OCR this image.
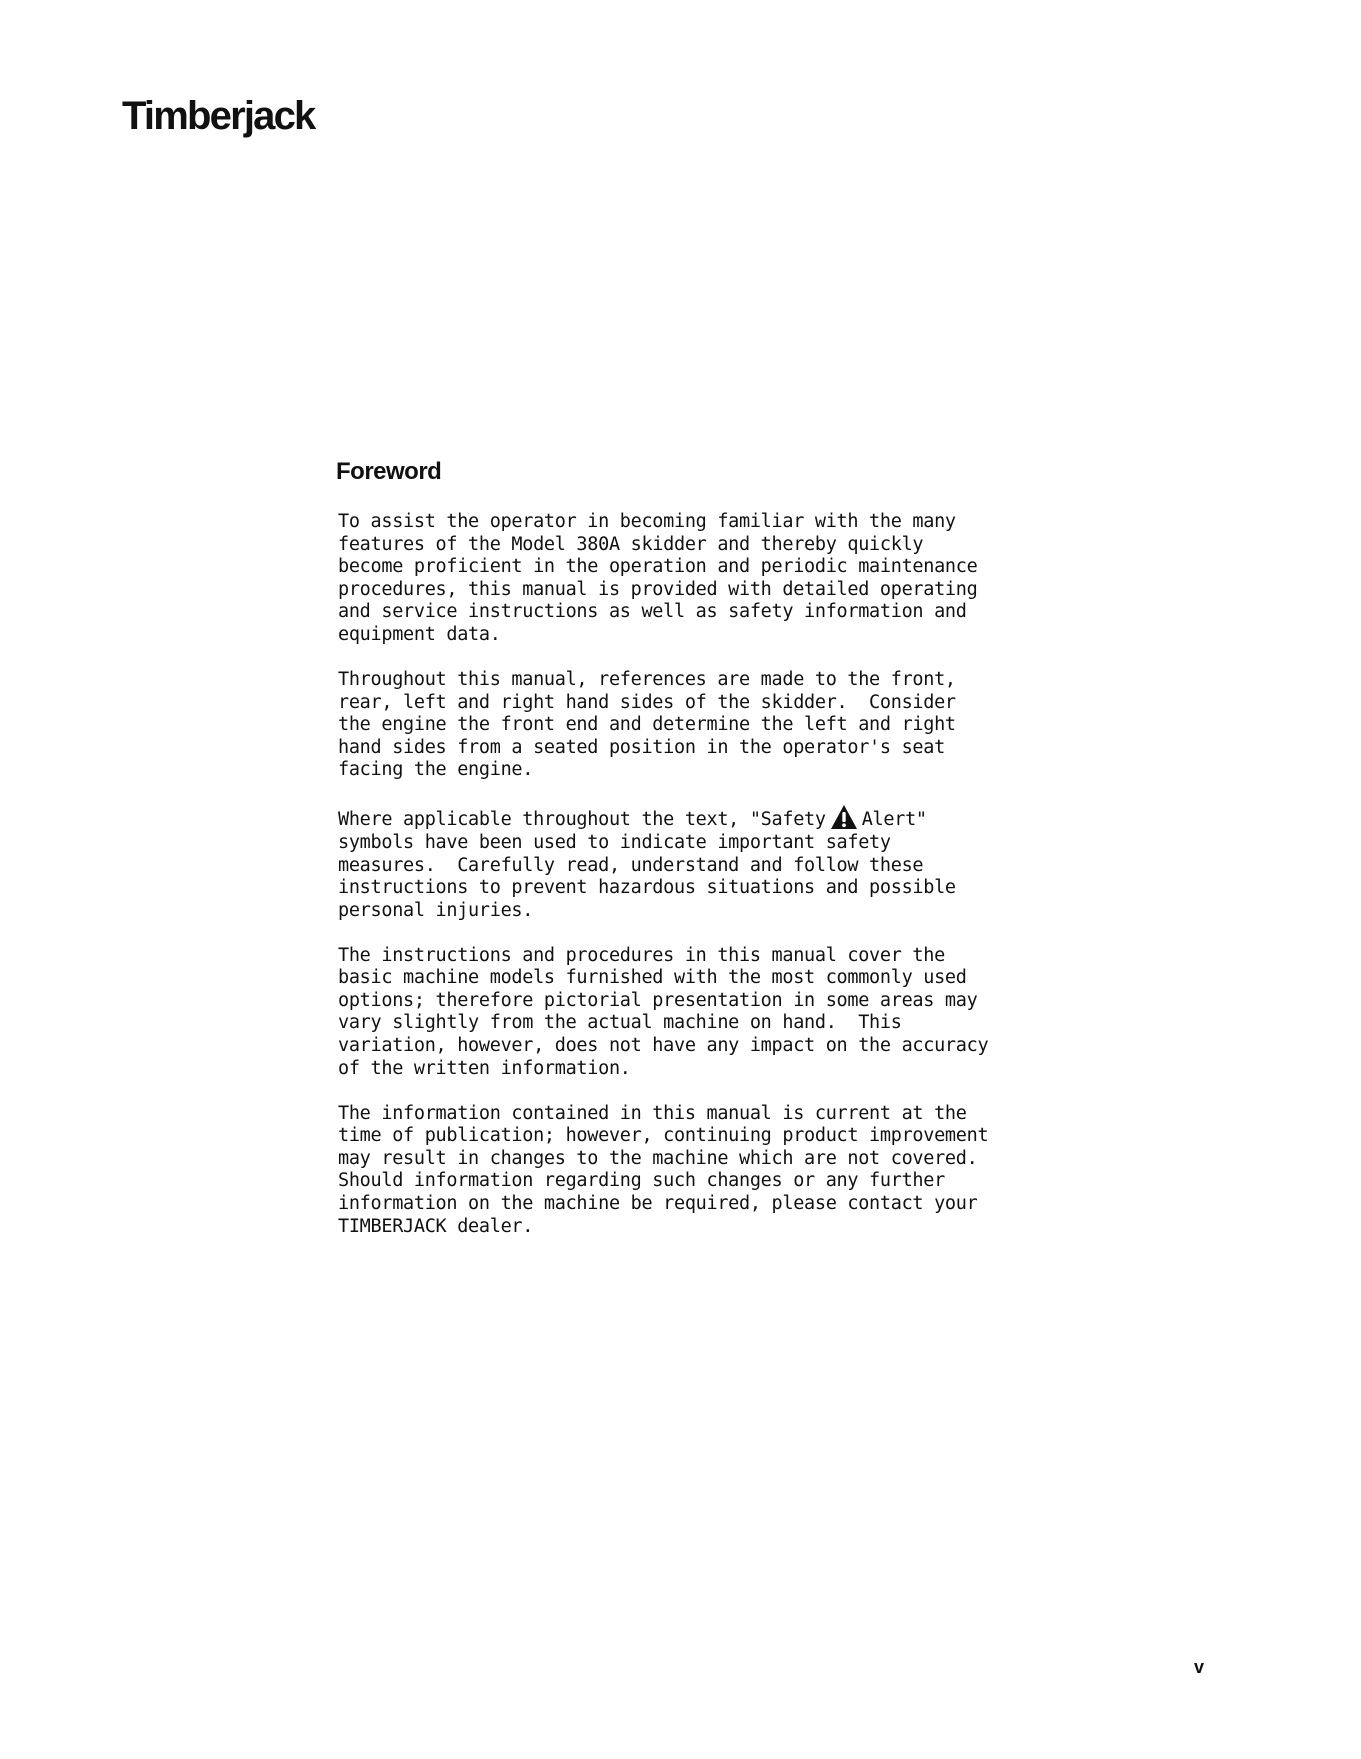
Timberjack
Foreword

To assist the operator in becoming familiar with the many
features of the Model 380A skidder and thereby quickly
become proficient in the operation and periodic maintenance
procedures, this manual is provided with detailed operating
and service instructions as well as safety information and
equipment data.

Throughout this manual, references are made to the front,
rear, left and right hand sides of the skidder.  Consider
the engine the front end and determine the left and right
hand sides from a seated position in the operator's seat
facing the engine.

Where applicable throughout the text, "Safety Alert"
symbols have been used to indicate important safety
measures.  Carefully read, understand and follow these
instructions to prevent hazardous situations and possible
personal injuries.

The instructions and procedures in this manual cover the
basic machine models furnished with the most commonly used
options; therefore pictorial presentation in some areas may
vary slightly from the actual machine on hand.  This
variation, however, does not have any impact on the accuracy
of the written information.

The information contained in this manual is current at the
time of publication; however, continuing product improvement
may result in changes to the machine which are not covered.
Should information regarding such changes or any further
information on the machine be required, please contact your
TIMBERJACK dealer.

v
